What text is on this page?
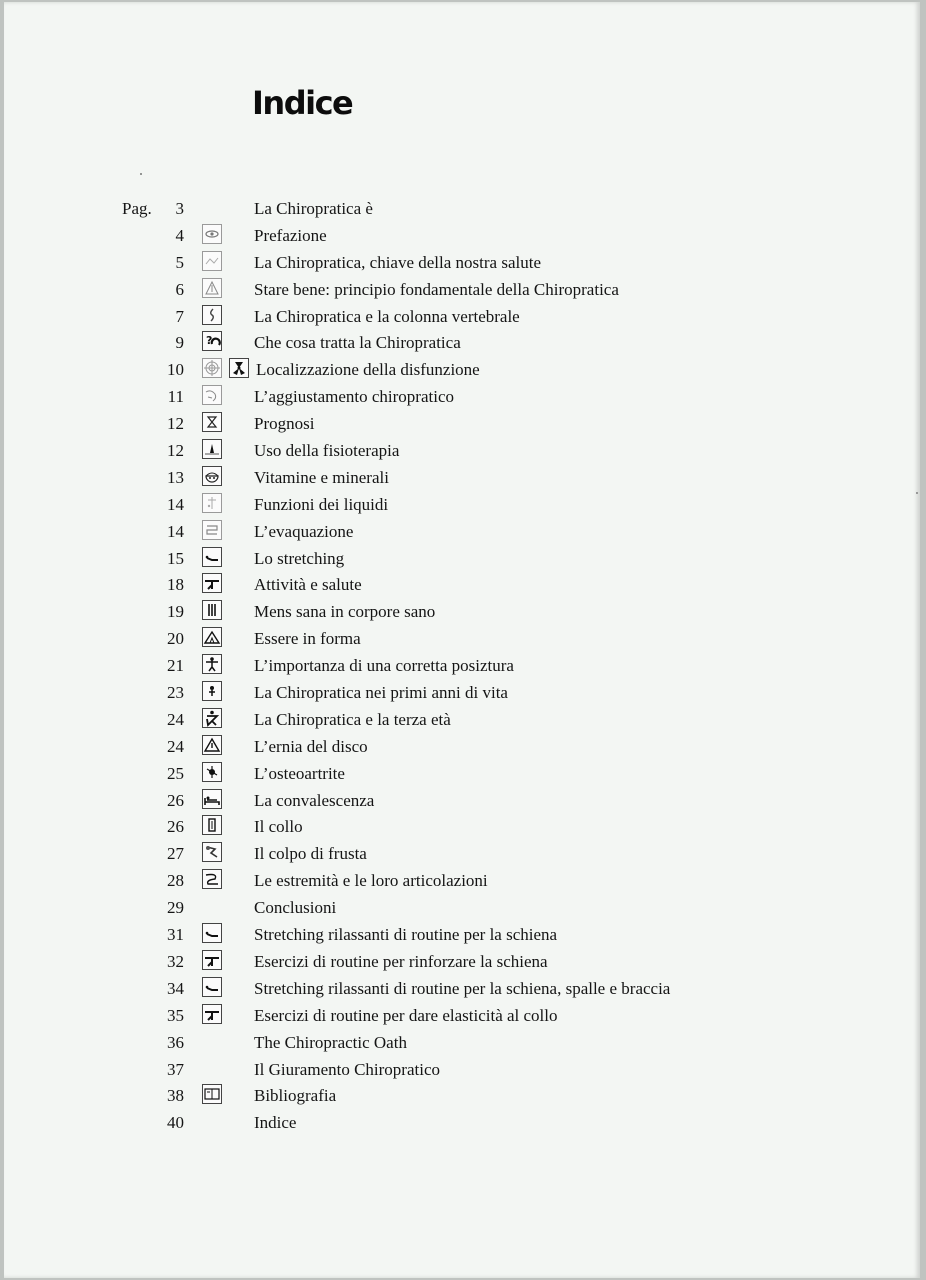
Indice
Pag.	3	La Chiropratica è
4	Prefazione
5	La Chiropratica, chiave della nostra salute
6	Stare bene: principio fondamentale della Chiropratica
7	La Chiropratica e la colonna vertebrale
9 ? Che cosa tratta la Chiropratica
10	Localizzazione della disfunzione
11	L’aggiustamento chiropratico
12	Prognosi
12	Uso della fisioterapia
13	Vitamine e minerali
14	Funzioni dei liquidi
14	L’evaquazione
15	Lo stretching
18	Attività e salute
19	Mens sana in corpore sano
20	Essere in forma
21	L’importanza di una corretta posiztura
23	La Chiropratica nei primi anni di vita
24	La Chiropratica e la terza età
24	L’ernia del disco
25	L’osteoartrite
26	La convalescenza
26	Il collo
27	Il colpo di frusta
28	Le estremità e le loro articolazioni
29	Conclusioni
31	Stretching rilassanti di routine per la schiena
32	Esercizi di routine per rinforzare la schiena
34	Stretching rilassanti di routine per la schiena, spalle e braccia
35	Esercizi di routine per dare elasticità al collo
36	The Chiropractic Oath
37	Il Giuramento Chiropratico
38	Bibliografia
40	Indice
